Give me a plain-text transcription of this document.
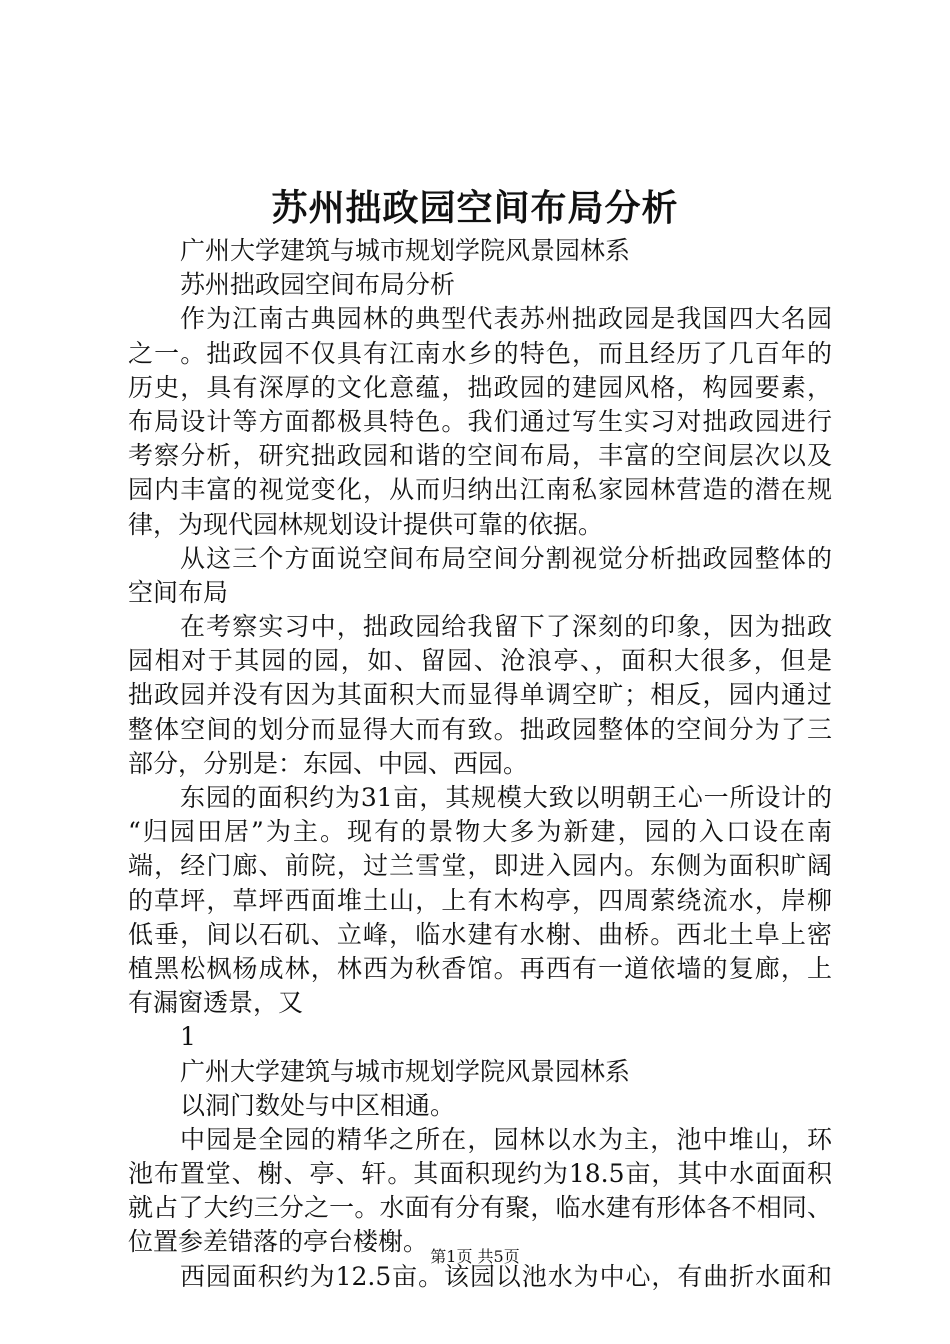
苏州拙政园空间布局分析
广州大学建筑与城市规划学院风景园林系
苏州拙政园空间布局分析
作为江南古典园林的典型代表苏州拙政园是我国四大名园
之一。拙政园不仅具有江南水乡的特色，而且经历了几百年的
历史，具有深厚的文化意蕴，拙政园的建园风格，构园要素，
布局设计等方面都极具特色。我们通过写生实习对拙政园进行
考察分析，研究拙政园和谐的空间布局，丰富的空间层次以及
园内丰富的视觉变化，从而归纳出江南私家园林营造的潜在规
律，为现代园林规划设计提供可靠的依据。
从这三个方面说空间布局空间分割视觉分析拙政园整体的
空间布局
在考察实习中，拙政园给我留下了深刻的印象，因为拙政
园相对于其园的园，如、留园、沧浪亭、，面积大很多，但是
拙政园并没有因为其面积大而显得单调空旷；相反，园内通过
整体空间的划分而显得大而有致。拙政园整体的空间分为了三
部分，分别是：东园、中园、西园。
东园的面积约为31亩，其规模大致以明朝王心一所设计的
“归园田居”为主。现有的景物大多为新建，园的入口设在南
端，经门廊、前院，过兰雪堂，即进入园内。东侧为面积旷阔
的草坪，草坪西面堆土山，上有木构亭，四周萦绕流水，岸柳
低垂，间以石矶、立峰，临水建有水榭、曲桥。西北土阜上密
植黑松枫杨成林，林西为秋香馆。再西有一道依墙的复廊，上
有漏窗透景，又
1
广州大学建筑与城市规划学院风景园林系
以洞门数处与中区相通。
中园是全园的精华之所在，园林以水为主，池中堆山，环
池布置堂、榭、亭、轩。其面积现约为18.5亩，其中水面面积
就占了大约三分之一。水面有分有聚，临水建有形体各不相同、
位置参差错落的亭台楼榭。
西园面积约为12.5亩。该园以池水为中心，有曲折水面和
第1页 共5页
